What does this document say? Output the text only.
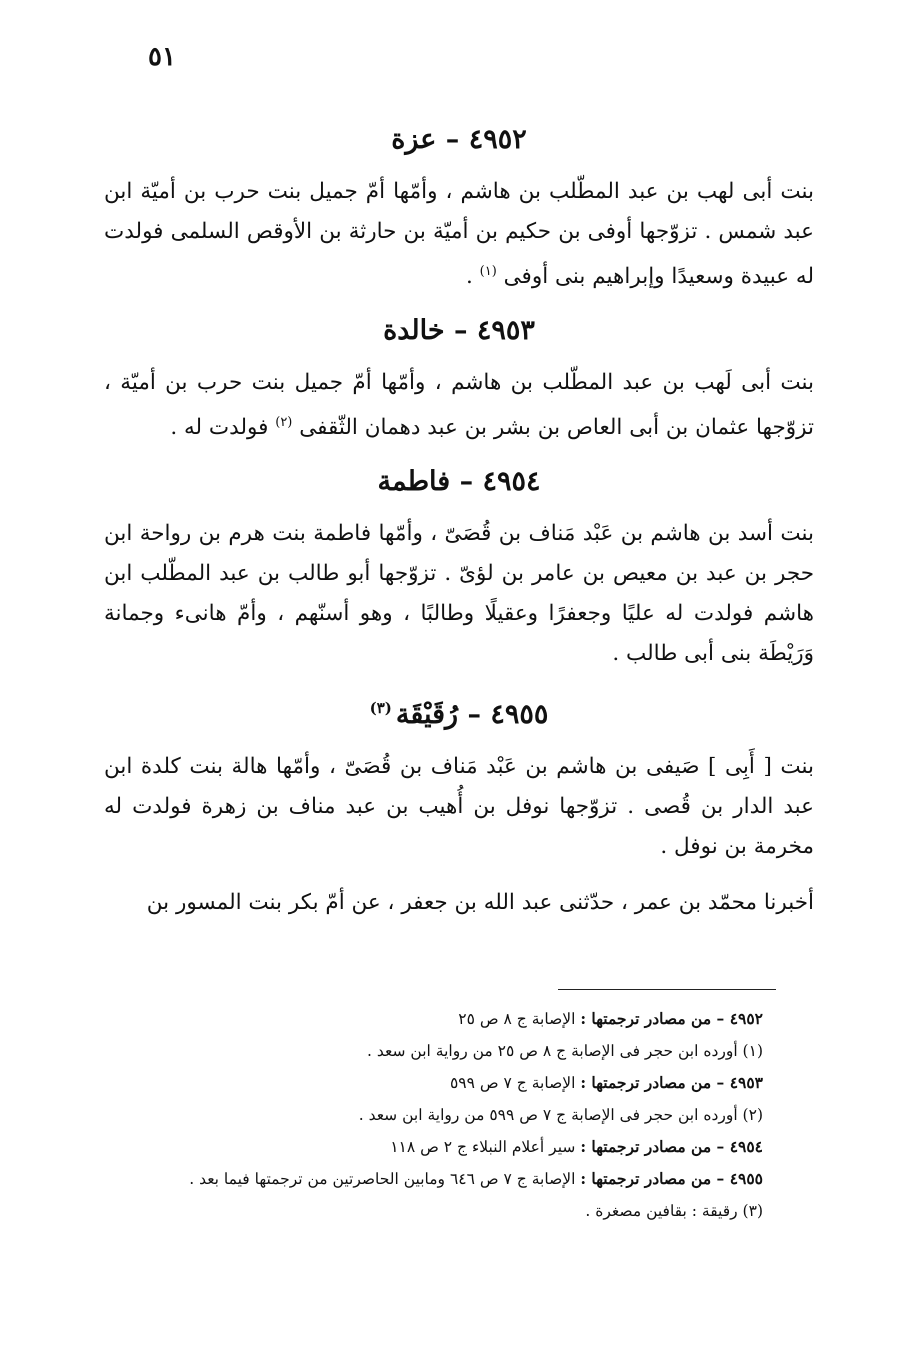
٥١
٤٩٥٢ – عزة

بنت أبى لهب بن عبد المطّلب بن هاشم ، وأمّها أمّ جميل بنت حرب بن أميّة ابن عبد شمس . تزوّجها أوفى بن حكيم بن أميّة بن حارثة بن الأوقص السلمى فولدت له عبيدة وسعيدًا وإبراهيم بنى أوفى $^{(١)}$ .

٤٩٥٣ – خالدة

بنت أبى لَهب بن عبد المطّلب بن هاشم ، وأمّها أمّ جميل بنت حرب بن أميّة ، تزوّجها عثمان بن أبى العاص بن بشر بن عبد دهمان الثّقفى $^{(٢)}$ فولدت له .

٤٩٥٤ – فاطمة

بنت أسد بن هاشم بن عَبْد مَناف بن قُصَىّ ، وأمّها فاطمة بنت هرم بن رواحة ابن حجر بن عبد بن معيص بن عامر بن لؤىّ . تزوّجها أبو طالب بن عبد المطّلب ابن هاشم فولدت له عليًا وجعفرًا وعقيلًا وطالبًا ، وهو أسنّهم ، وأمّ هانىء وجمانة وَرَيْطَة بنى أبى طالب .

٤٩٥٥ – رُقَيْقَة$^{(٣)}$

بنت [ أَبِى ] صَيفى بن هاشم بن عَبْد مَناف بن قُصَىّ ، وأمّها هالة بنت كلدة ابن عبد الدار بن قُصى . تزوّجها نوفل بن أُهيب بن عبد مناف بن زهرة فولدت له مخرمة بن نوفل .

أخبرنا محمّد بن عمر ، حدّثنى عبد الله بن جعفر ، عن أمّ بكر بنت المسور بن

٤٩٥٢ – من مصادر ترجمتها : الإصابة ج ٨ ص ٢٥

(١) أورده ابن حجر فى الإصابة ج ٨ ص ٢٥ من رواية ابن سعد .

٤٩٥٣ – من مصادر ترجمتها : الإصابة ج ٧ ص ٥٩٩

(٢) أورده ابن حجر فى الإصابة ج ٧ ص ٥٩٩ من رواية ابن سعد .

٤٩٥٤ – من مصادر ترجمتها : سير أعلام النبلاء ج ٢ ص ١١٨

٤٩٥٥ – من مصادر ترجمتها : الإصابة ج ٧ ص ٦٤٦ ومابين الحاصرتين من ترجمتها فيما بعد .

(٣) رقيقة : بقافين مصغرة .
